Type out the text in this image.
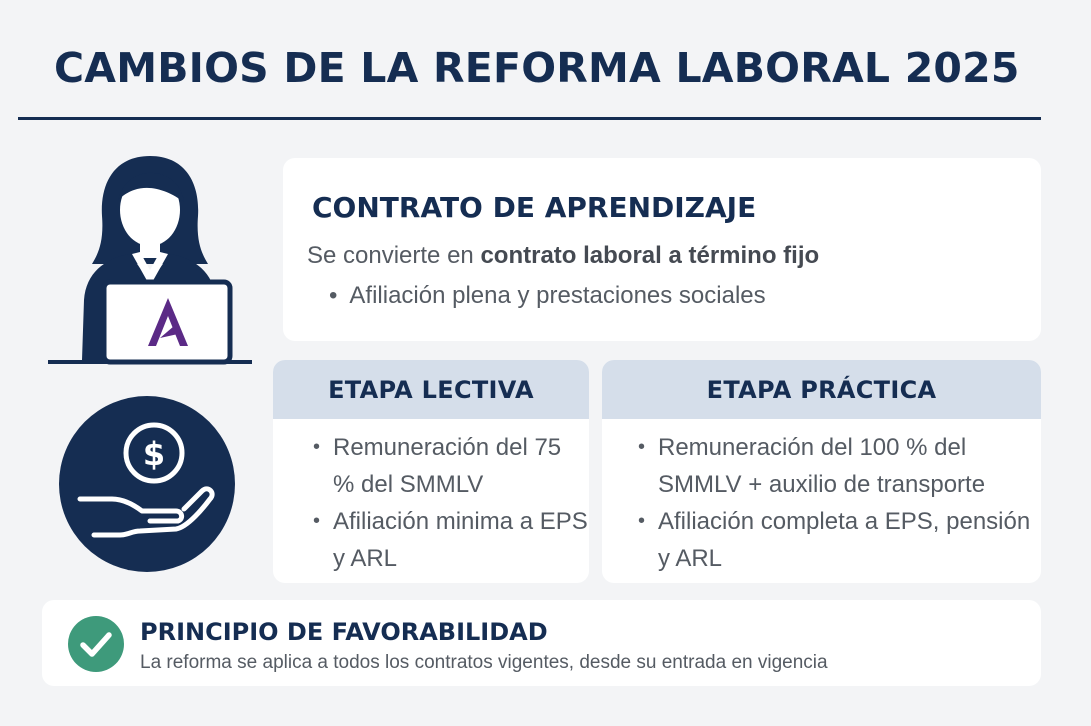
CAMBIOS DE LA REFORMA LABORAL 2025
$
CONTRATO DE APRENDIZAJE

Se convierte en contrato laboral a término fijo

• Afiliación plena y prestaciones sociales

ETAPA LECTIVA
• Remuneración del 75 % del SMMLV
• Afiliación minima a EPS y ARL
ETAPA PRÁCTICA
• Remuneración del 100 % del SMMLV + auxilio de transporte
• Afiliación completa a EPS, pensión y ARL
PRINCIPIO DE FAVORABILIDAD

La reforma se aplica a todos los contratos vigentes, desde su entrada en vigencia
